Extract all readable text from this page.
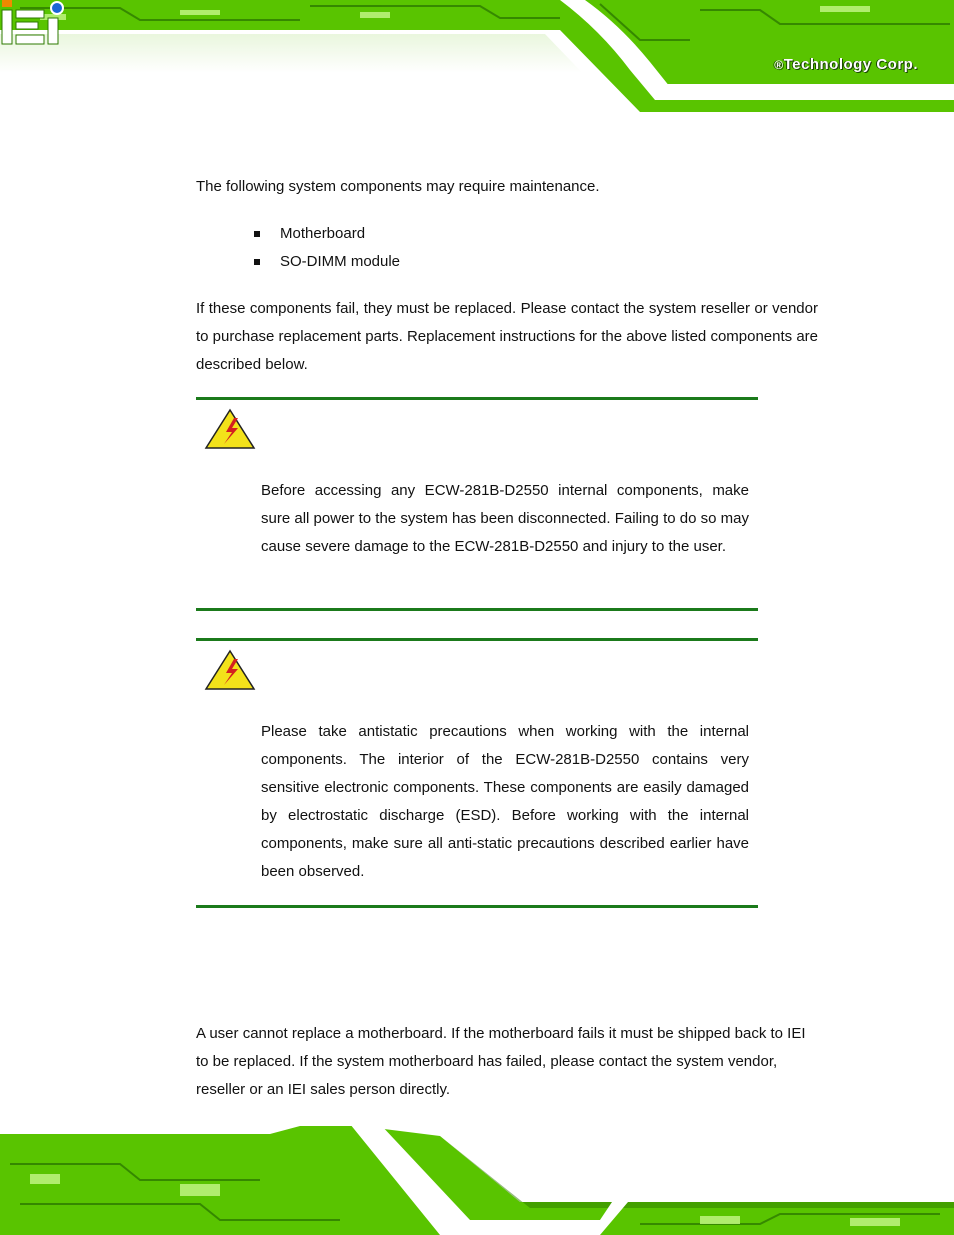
®Technology Corp.

The following system components may require maintenance.

Motherboard
SO-DIMM module

If these components fail, they must be replaced. Please contact the system reseller or vendor to purchase replacement parts. Replacement instructions for the above listed components are described below.

Before accessing any ECW-281B-D2550 internal components, make sure all power to the system has been disconnected. Failing to do so may cause severe damage to the ECW-281B-D2550 and injury to the user.
Please take antistatic precautions when working with the internal components. The interior of the ECW-281B-D2550 contains very sensitive electronic components. These components are easily damaged by electrostatic discharge (ESD). Before working with the internal components, make sure all anti-static precautions described earlier have been observed.

A user cannot replace a motherboard. If the motherboard fails it must be shipped back to IEI to be replaced. If the system motherboard has failed, please contact the system vendor, reseller or an IEI sales person directly.
